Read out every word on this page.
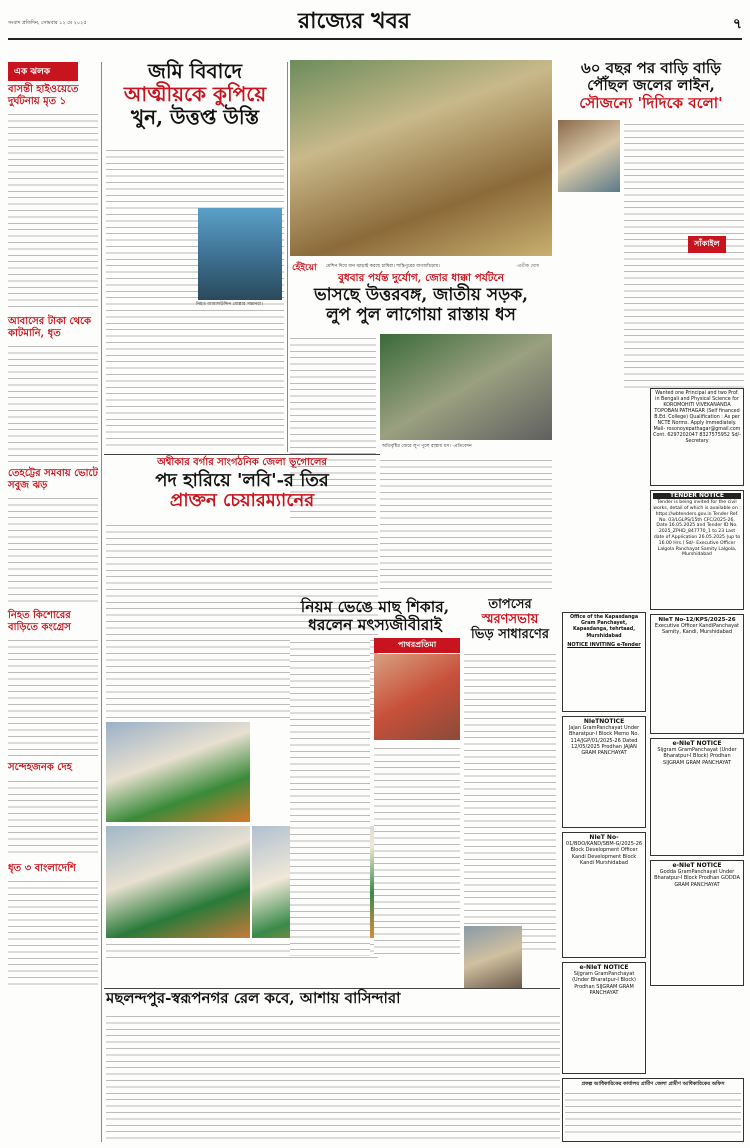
সংবাদ প্রতিদিন, সোমবার ১২ মে ২০২৫	রাজ্যের খবর	৭
এক ঝলক
বাসন্তী হাইওয়েতে দুর্ঘটনায় মৃত ১
আবাসের টাকা থেকে কাটমানি, ধৃত
তেহট্টের সমবায় ভোটে সবুজ ঝড়
নিহত কিশোরের বাড়িতে কংগ্রেস
সন্দেহজনক দেহ
ধৃত ৩ বাংলাদেশি
জমি বিবাদে
আত্মীয়কে কুপিয়ে
খুন, উত্তপ্ত উস্তি
নিহত জামালউদ্দিন মোল্লার সন্তানরা।
হেঁইয়ো মেশিন দিয়ে ধান ঝাড়াই করছে চাষিরা। শান্তিপুরের বাগআঁচড়ায়।	-প্রতীক ঘোষ
বুধবার পর্যন্ত দুর্যোগ, জোর ধাক্কা পর্যটনে
ভাসছে উত্তরবঙ্গ, জাতীয় সড়ক,
লুপ পুল লাগোয়া রাস্তায় ধস
অতিবৃষ্টির জেরে লুপ পুলে রাস্তায় ধস। -প্রতিবেদন
৬০ বছর পর বাড়ি বাড়ি
পৌঁছল জলের লাইন,
সৌজন্যে 'দিদিকে বলো'
সাঁকাইল
Wanted one Principal and two Prof. in Bengali and Physical Science for KOROMOHITI VIVEKANANDA TOPOBAN PATHAGAR (Self financed B.Ed. College) Qualification : As per NCTE Norms. Apply immediately. Mail- rosonoyepathagar@gmail.com Cont. 6297202047 8327575952 Sd/- Secretary
TENDER NOTICE
Tender is being invited for the civil works, detail of which is available on : https://wbtenders.gov.in Tender Ref. No. 03/LGLPS/15th CFC/2025-26, Date 16.05.2025 and Tender ID No. 2025_ZPHD_847770_1 to 23 Last date of Application 26.05.2025 (up to 16.00 Hrs.) Sd/- Executive Officer Lalgola Panchayat Samity Lalgola, Murshidabad
অশ্বীকার বর্গার সাংগঠনিক জেলা ভূগোলের
পদ হারিয়ে 'লবি'-র তির
প্রাক্তন চেয়ারম্যানের
নিয়ম ভেঙে মাছ শিকার,
ধরলেন মৎস্যজীবীরাই
পাথরপ্রতিমা
তাপসের
স্মরণসভায়
ভিড় সাধারণের
মছলন্দপুর-স্বরূপনগর রেল কবে, আশায় বাসিন্দারা
Office of the Kapasdanga Gram Panchayet, Kapasdanga, tehrtaad, Murshidabad
NOTICE INVITING e-Tender
NIeTNOTICE
Jajan GramPanchayat Under Bharatpur-I Block Memo No. 114/JGP/01/2025-26 Dated 12/05/2025 Prodhan JAJAN GRAM PANCHAYAT
NIeT No-
01/BDO/KAND/SBM-G/2025-26 Block Development Officer Kandi Development Block Kandi Murshidabad
e-NIeT NOTICE
Sijgram GramPanchayat (Under Bharatpur-I Block) Prodhan SIJGRAM GRAM PANCHAYAT
NIeT No-12/KPS/2025-26
Executive Officer KandiPanchayat Samity, Kandi, Murshidabad
e-NIeT NOTICE
Sijgram GramPanchayat (Under Bharatpur-I Block) Prodhan SIJGRAM GRAM PANCHAYAT
e-NIeT NOTICE
Godda GramPanchayat Under Bharatpur-I Block Prodhan GODDA GRAM PANCHAYAT
প্রকল্প আধিকারিকের কার্যালয় গ্রামীণ জেলা গ্রামীণ আধিকারিকের অফিস
